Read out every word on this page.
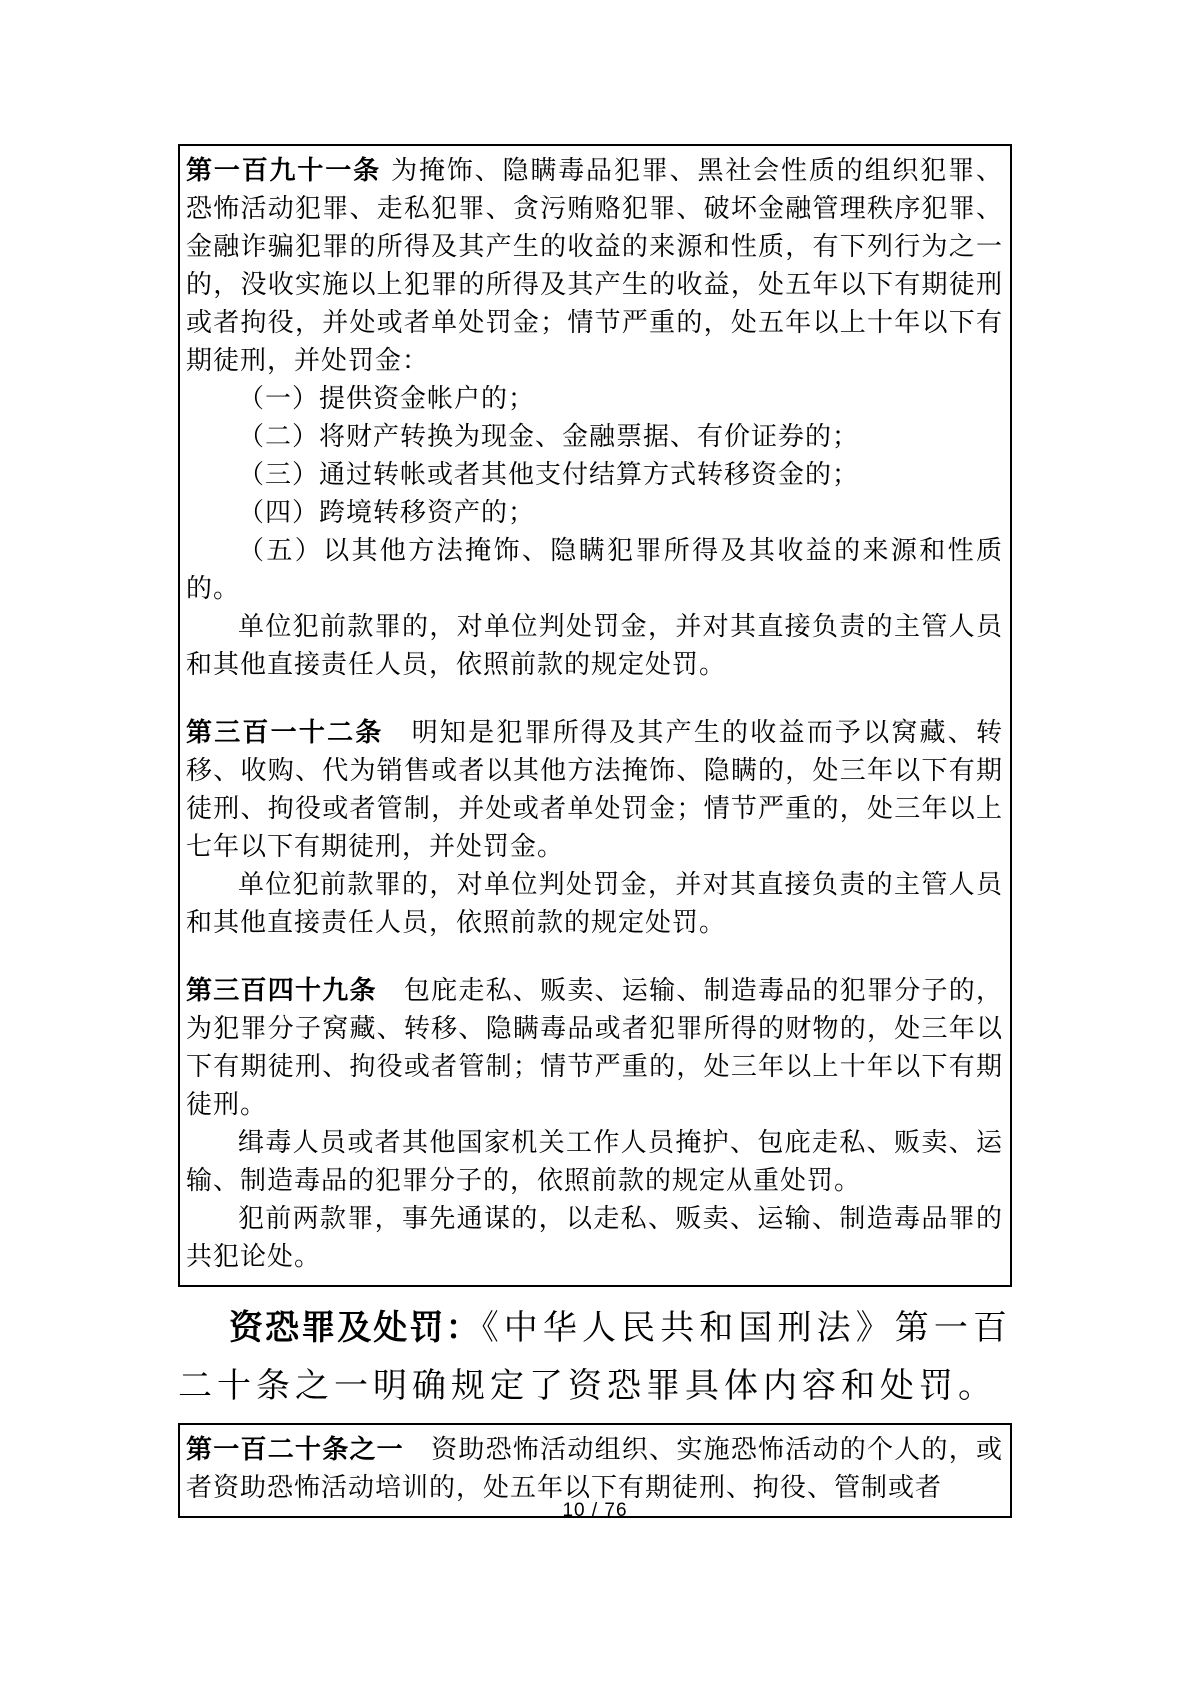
第一百九十一条 为掩饰、隐瞒毒品犯罪、黑社会性质的组织犯罪、恐怖活动犯罪、走私犯罪、贪污贿赂犯罪、破坏金融管理秩序犯罪、金融诈骗犯罪的所得及其产生的收益的来源和性质，有下列行为之一的，没收实施以上犯罪的所得及其产生的收益，处五年以下有期徒刑或者拘役，并处或者单处罚金；情节严重的，处五年以上十年以下有期徒刑，并处罚金：

（一）提供资金帐户的；

（二）将财产转换为现金、金融票据、有价证券的；

（三）通过转帐或者其他支付结算方式转移资金的；

（四）跨境转移资产的；

（五）以其他方法掩饰、隐瞒犯罪所得及其收益的来源和性质的。

单位犯前款罪的，对单位判处罚金，并对其直接负责的主管人员和其他直接责任人员，依照前款的规定处罚。

第三百一十二条　明知是犯罪所得及其产生的收益而予以窝藏、转移、收购、代为销售或者以其他方法掩饰、隐瞒的，处三年以下有期徒刑、拘役或者管制，并处或者单处罚金；情节严重的，处三年以上七年以下有期徒刑，并处罚金。

单位犯前款罪的，对单位判处罚金，并对其直接负责的主管人员和其他直接责任人员，依照前款的规定处罚。

第三百四十九条　包庇走私、贩卖、运输、制造毒品的犯罪分子的，为犯罪分子窝藏、转移、隐瞒毒品或者犯罪所得的财物的，处三年以下有期徒刑、拘役或者管制；情节严重的，处三年以上十年以下有期徒刑。

缉毒人员或者其他国家机关工作人员掩护、包庇走私、贩卖、运输、制造毒品的犯罪分子的，依照前款的规定从重处罚。

犯前两款罪，事先通谋的，以走私、贩卖、运输、制造毒品罪的共犯论处。

资恐罪及处罚：《中华人民共和国刑法》第一百二十条之一明确规定了资恐罪具体内容和处罚。

第一百二十条之一　资助恐怖活动组织、实施恐怖活动的个人的，或者资助恐怖活动培训的，处五年以下有期徒刑、拘役、管制或者

10 / 76
